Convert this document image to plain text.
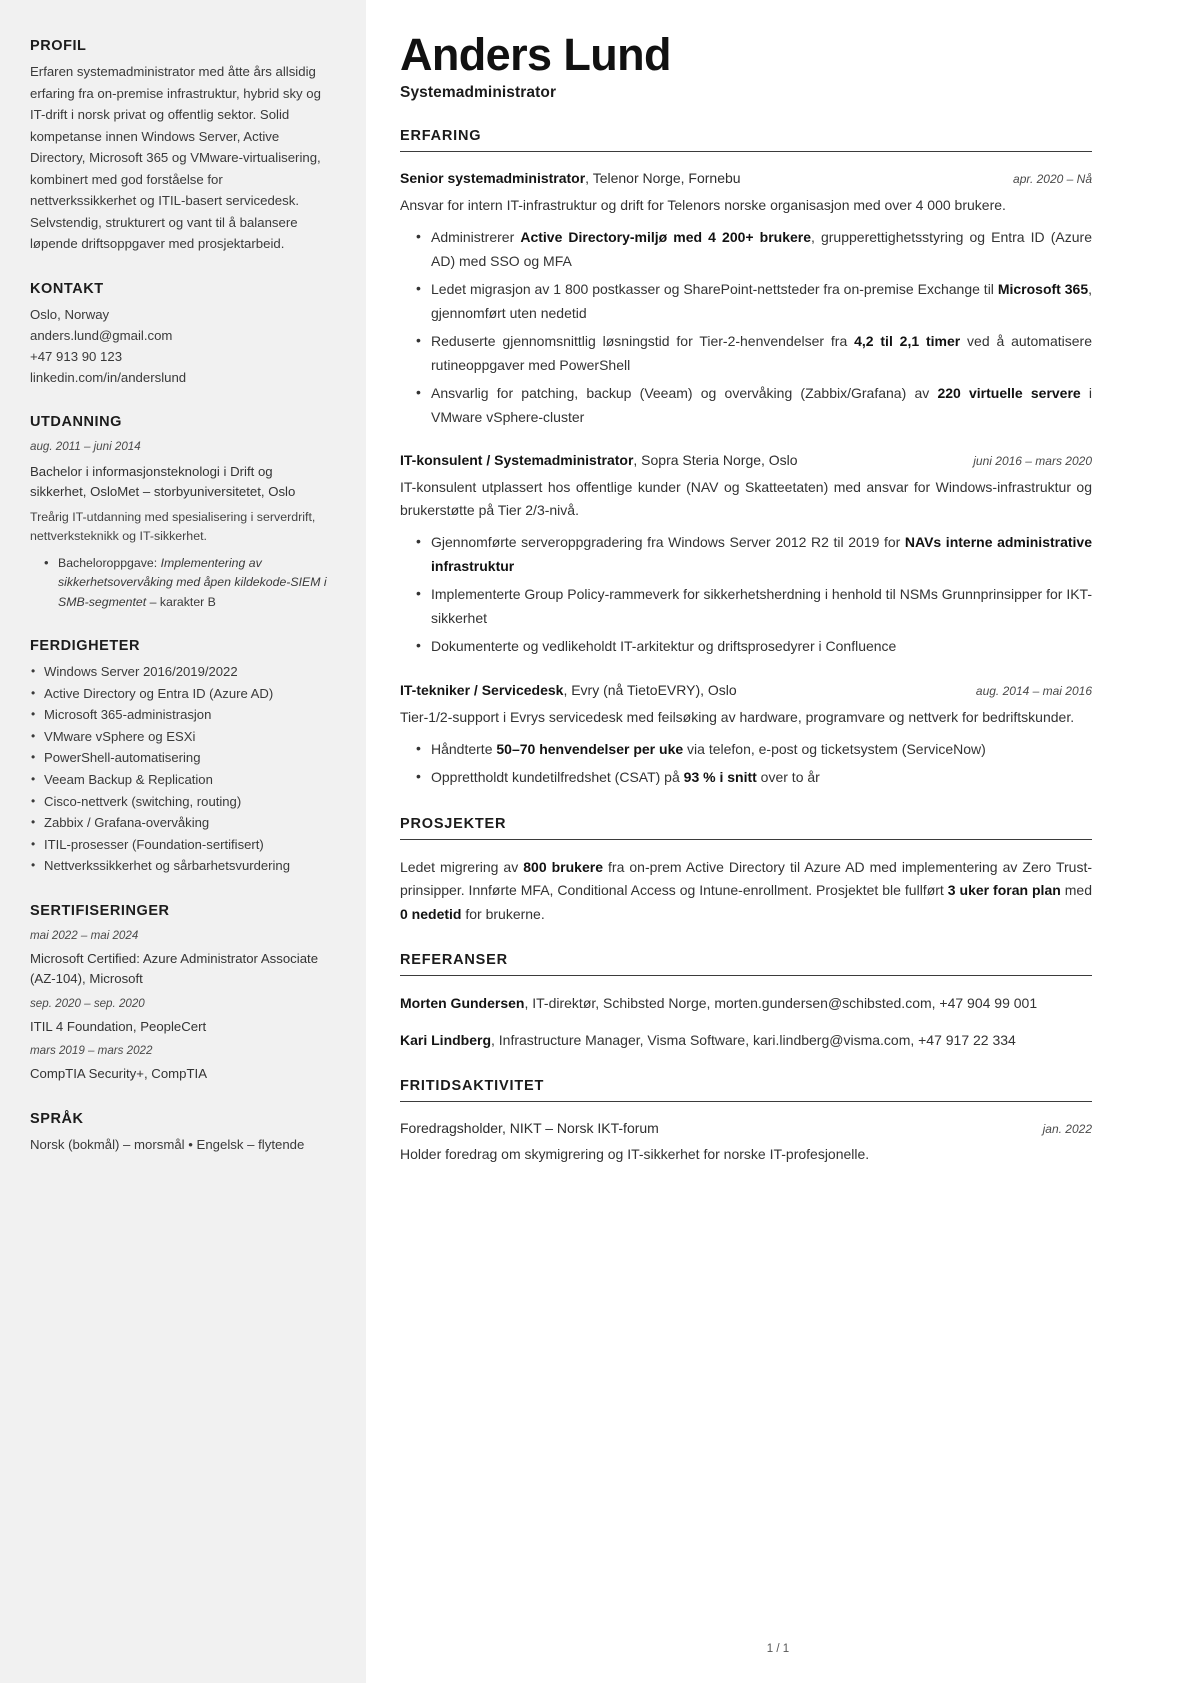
PROFIL
Erfaren systemadministrator med åtte års allsidig erfaring fra on-premise infrastruktur, hybrid sky og IT-drift i norsk privat og offentlig sektor. Solid kompetanse innen Windows Server, Active Directory, Microsoft 365 og VMware-virtualisering, kombinert med god forståelse for nettverkssikkerhet og ITIL-basert servicedesk. Selvstendig, strukturert og vant til å balansere løpende driftsoppgaver med prosjektarbeid.
KONTAKT
Oslo, Norway
anders.lund@gmail.com
+47 913 90 123
linkedin.com/in/anderslund
UTDANNING
aug. 2011 – juni 2014
Bachelor i informasjonsteknologi i Drift og sikkerhet, OsloMet – storbyuniversitetet, Oslo
Treårig IT-utdanning med spesialisering i serverdrift, nettverksteknikk og IT-sikkerhet.
• Bacheloroppgave: Implementering av sikkerhetsovervåking med åpen kildekode-SIEM i SMB-segmentet – karakter B
FERDIGHETER
• Windows Server 2016/2019/2022
• Active Directory og Entra ID (Azure AD)
• Microsoft 365-administrasjon
• VMware vSphere og ESXi
• PowerShell-automatisering
• Veeam Backup & Replication
• Cisco-nettverk (switching, routing)
• Zabbix / Grafana-overvåking
• ITIL-prosesser (Foundation-sertifisert)
• Nettverkssikkerhet og sårbarhetsvurdering
SERTIFISERINGER
mai 2022 – mai 2024
Microsoft Certified: Azure Administrator Associate (AZ-104), Microsoft
sep. 2020 – sep. 2020
ITIL 4 Foundation, PeopleCert
mars 2019 – mars 2022
CompTIA Security+, CompTIA
SPRÅK
Norsk (bokmål) – morsmål • Engelsk – flytende
Anders Lund
Systemadministrator
ERFARING
Senior systemadministrator, Telenor Norge, Fornebu	apr. 2020 – Nå
Ansvar for intern IT-infrastruktur og drift for Telenors norske organisasjon med over 4 000 brukere.
• Administrerer Active Directory-miljø med 4 200+ brukere, grupperettighetsstyring og Entra ID (Azure AD) med SSO og MFA
• Ledet migrasjon av 1 800 postkasser og SharePoint-nettsteder fra on-premise Exchange til Microsoft 365, gjennomført uten nedetid
• Reduserte gjennomsnittlig løsningstid for Tier-2-henvendelser fra 4,2 til 2,1 timer ved å automatisere rutineoppgaver med PowerShell
• Ansvarlig for patching, backup (Veeam) og overvåking (Zabbix/Grafana) av 220 virtuelle servere i VMware vSphere-cluster
IT-konsulent / Systemadministrator, Sopra Steria Norge, Oslo	juni 2016 – mars 2020
IT-konsulent utplassert hos offentlige kunder (NAV og Skatteetaten) med ansvar for Windows-infrastruktur og brukerstøtte på Tier 2/3-nivå.
• Gjennomførte serveroppgradering fra Windows Server 2012 R2 til 2019 for NAVs interne administrative infrastruktur
• Implementerte Group Policy-rammeverk for sikkerhetsherdning i henhold til NSMs Grunnprinsipper for IKT-sikkerhet
• Dokumenterte og vedlikeholdt IT-arkitektur og driftsprosedyrer i Confluence
IT-tekniker / Servicedesk, Evry (nå TietoEVRY), Oslo	aug. 2014 – mai 2016
Tier-1/2-support i Evrys servicedesk med feilsøking av hardware, programvare og nettverk for bedriftskunder.
• Håndterte 50–70 henvendelser per uke via telefon, e-post og ticketsystem (ServiceNow)
• Opprettholdt kundetilfredshet (CSAT) på 93 % i snitt over to år
PROSJEKTER

Ledet migrering av 800 brukere fra on-prem Active Directory til Azure AD med implementering av Zero Trust-prinsipper. Innførte MFA, Conditional Access og Intune-enrollment. Prosjektet ble fullført 3 uker foran plan med 0 nedetid for brukerne.

REFERANSER
Morten Gundersen, IT-direktør, Schibsted Norge, morten.gundersen@schibsted.com, +47 904 99 001
Kari Lindberg, Infrastructure Manager, Visma Software, kari.lindberg@visma.com, +47 917 22 334
FRITIDSAKTIVITET
Foredragsholder, NIKT – Norsk IKT-forum	jan. 2022
Holder foredrag om skymigrering og IT-sikkerhet for norske IT-profesjonelle.
1 / 1
